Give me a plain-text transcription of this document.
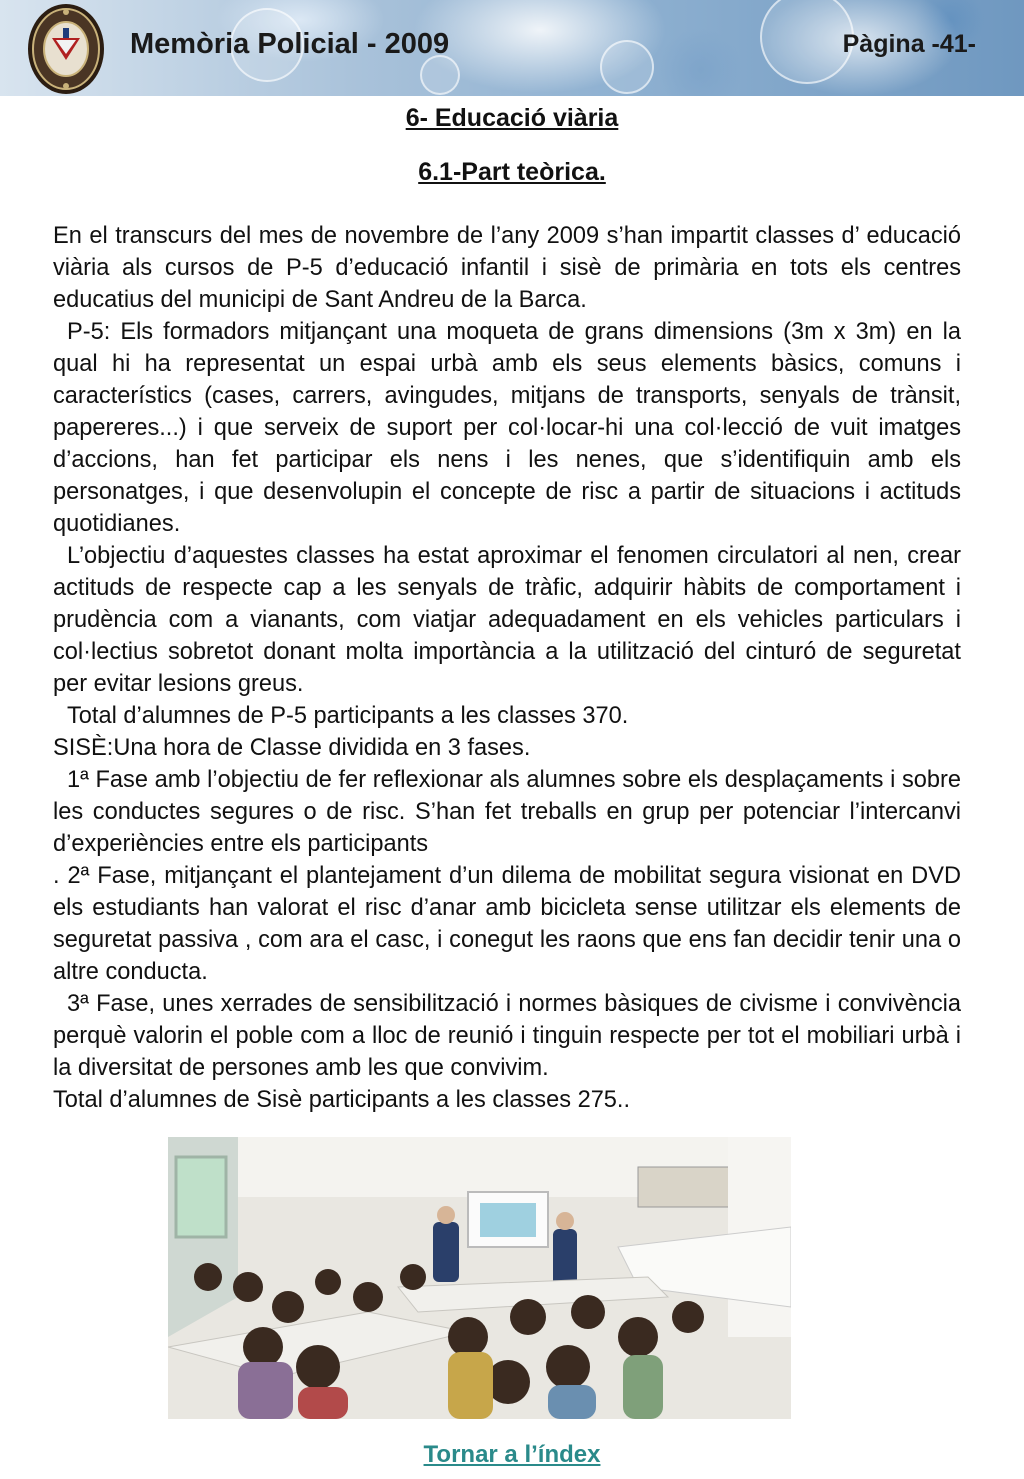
Memòria Policial - 2009	Pàgina -41-
6- Educació viària
6.1-Part teòrica.

En el transcurs del mes de novembre de l’any 2009 s’han impartit classes d’ educació viària als cursos de P-5 d’educació infantil i sisè de primària en tots els centres educatius del municipi de Sant Andreu de la Barca.

P-5: Els formadors mitjançant una moqueta de grans dimensions (3m x 3m) en la qual hi ha representat un espai urbà amb els seus elements bàsics, comuns i característics (cases, carrers, avingudes, mitjans de transports, senyals de trànsit, papereres...) i que serveix de suport per col·locar-hi una col·lecció de vuit imatges d’accions, han fet participar els nens i les nenes, que s’identifiquin amb els personatges, i que desenvolupin el concepte de risc a partir de situacions i actituds quotidianes.

L’objectiu d’aquestes classes ha estat aproximar el fenomen circulatori al nen, crear actituds de respecte cap a les senyals de tràfic, adquirir hàbits de comportament i prudència com a vianants, com viatjar adequadament en els vehicles particulars i col·lectius sobretot donant molta importància a la utilització del cinturó de seguretat per evitar lesions greus.

Total d’alumnes de P-5 participants a les classes 370.

SISÈ:Una hora de Classe dividida en 3 fases.

1ª Fase amb l’objectiu de fer reflexionar als alumnes sobre els desplaçaments i sobre les conductes segures o de risc. S’han fet treballs en grup per potenciar l’intercanvi d’experiències entre els participants

. 2ª Fase, mitjançant el plantejament d’un dilema de mobilitat segura visionat en DVD els estudiants han valorat el risc d’anar amb bicicleta sense utilitzar els elements de seguretat passiva , com ara el casc, i conegut les raons que ens fan decidir tenir una o altre conducta.

3ª Fase, unes xerrades de sensibilització i normes bàsiques de civisme i convivència perquè valorin el poble com a lloc de reunió i tinguin respecte per tot el mobiliari urbà i la diversitat de persones amb les que convivim.

Total d’alumnes de Sisè participants a les classes 275..

Tornar a l’índex
